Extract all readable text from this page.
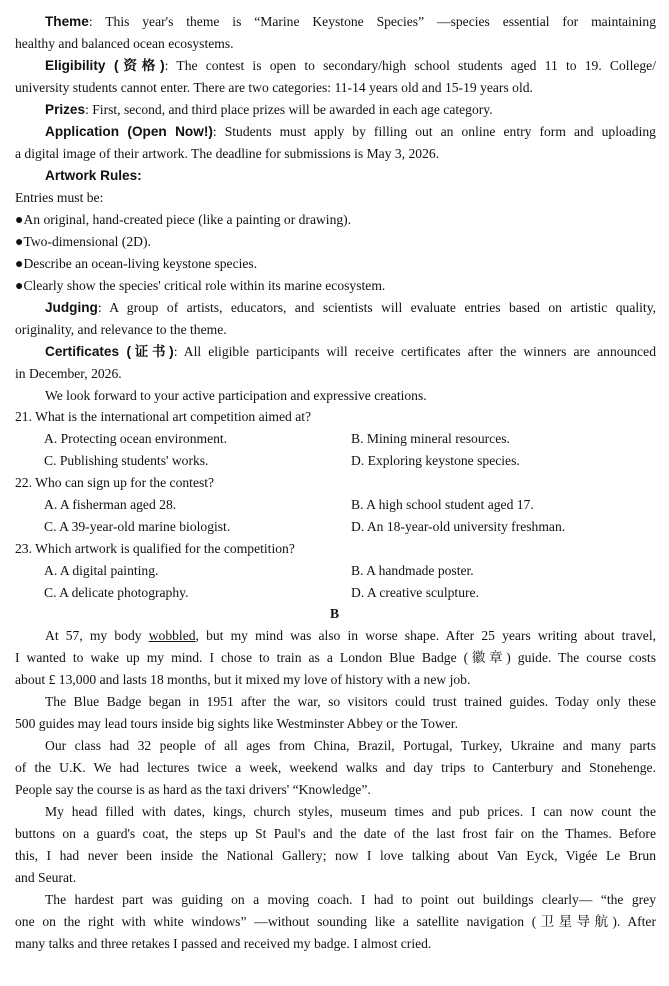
Theme: This year's theme is “Marine Keystone Species” —species essential for maintaining
healthy and balanced ocean ecosystems.
Eligibility (资格): The contest is open to secondary/high school students aged 11 to 19. College/
university students cannot enter. There are two categories: 11-14 years old and 15-19 years old.
Prizes: First, second, and third place prizes will be awarded in each age category.
Application (Open Now!): Students must apply by filling out an online entry form and uploading
a digital image of their artwork. The deadline for submissions is May 3, 2026.
Artwork Rules:
Entries must be:
●An original, hand-created piece (like a painting or drawing).
●Two-dimensional (2D).
●Describe an ocean-living keystone species.
●Clearly show the species' critical role within its marine ecosystem.
Judging: A group of artists, educators, and scientists will evaluate entries based on artistic quality,
originality, and relevance to the theme.
Certificates (证书): All eligible participants will receive certificates after the winners are announced
in December, 2026.
We look forward to your active participation and expressive creations.
21. What is the international art competition aimed at?
A. Protecting ocean environment.	B. Mining mineral resources.
C. Publishing students' works.	D. Exploring keystone species.
22. Who can sign up for the contest?
A. A fisherman aged 28.	B. A high school student aged 17.
C. A 39-year-old marine biologist.	D. An 18-year-old university freshman.
23. Which artwork is qualified for the competition?
A. A digital painting.	B. A handmade poster.
C. A delicate photography.	D. A creative sculpture.
B
At 57, my body wobbled, but my mind was also in worse shape. After 25 years writing about travel,
I wanted to wake up my mind. I chose to train as a London Blue Badge (徽章) guide. The course costs
about £ 13,000 and lasts 18 months, but it mixed my love of history with a new job.
The Blue Badge began in 1951 after the war, so visitors could trust trained guides. Today only these
500 guides may lead tours inside big sights like Westminster Abbey or the Tower.
Our class had 32 people of all ages from China, Brazil, Portugal, Turkey, Ukraine and many parts
of the U.K. We had lectures twice a week, weekend walks and day trips to Canterbury and Stonehenge.
People say the course is as hard as the taxi drivers' “Knowledge”.
My head filled with dates, kings, church styles, museum times and pub prices. I can now count the
buttons on a guard's coat, the steps up St Paul's and the date of the last frost fair on the Thames. Before
this, I had never been inside the National Gallery; now I love talking about Van Eyck, Vigée Le Brun
and Seurat.
The hardest part was guiding on a moving coach. I had to point out buildings clearly— “the grey
one on the right with white windows” —without sounding like a satellite navigation (卫星导航). After
many talks and three retakes I passed and received my badge. I almost cried.
